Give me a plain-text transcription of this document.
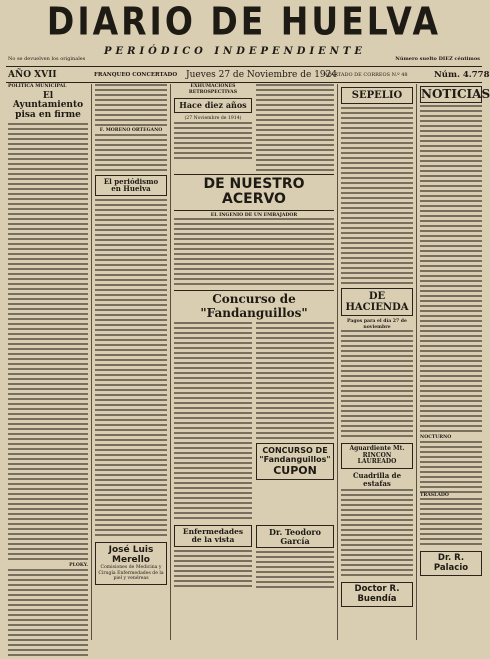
DIARIO DE HUELVA
PERIÓDICO INDEPENDIENTE
No se devuelven los originales	Número suelto DIEZ céntimos
AÑO XVII	FRANQUEO CONCERTADO Jueves 27 de Noviembre de 1924
APARTADO DE CORREOS N.º 48	Núm. 4.778
POLÍTICA MUNICIPAL
El Ayuntamiento pisa en firme
PLOKY.
F. MORENO ORTEGANO
El periódismo en Huelva
José Luis Merello
Comisiones de Medicina y Cirugía Enfermedades de la piel y venéreas
EXHUMACIONES RETROSPECTIVAS
Hace diez años
(27 Noviembre de 1914)
DE NUESTRO ACERVO
EL INGENIO DE UN EMBAJADOR
Concurso de "Fandanguillos"
CONCURSO DE "Fandanguillos"
CUPON
Enfermedades de la vista
Dr. Teodoro García
SEPELIO
DE HACIENDA
Pagos para el día 27 de noviembre
Aguardiente Mt. RINCON LAUREADO
Cuadrilla de estafas
Doctor R. Buendía
NOTICIAS
NOCTURNO
TRASLADO
Dr. R. Palacio
